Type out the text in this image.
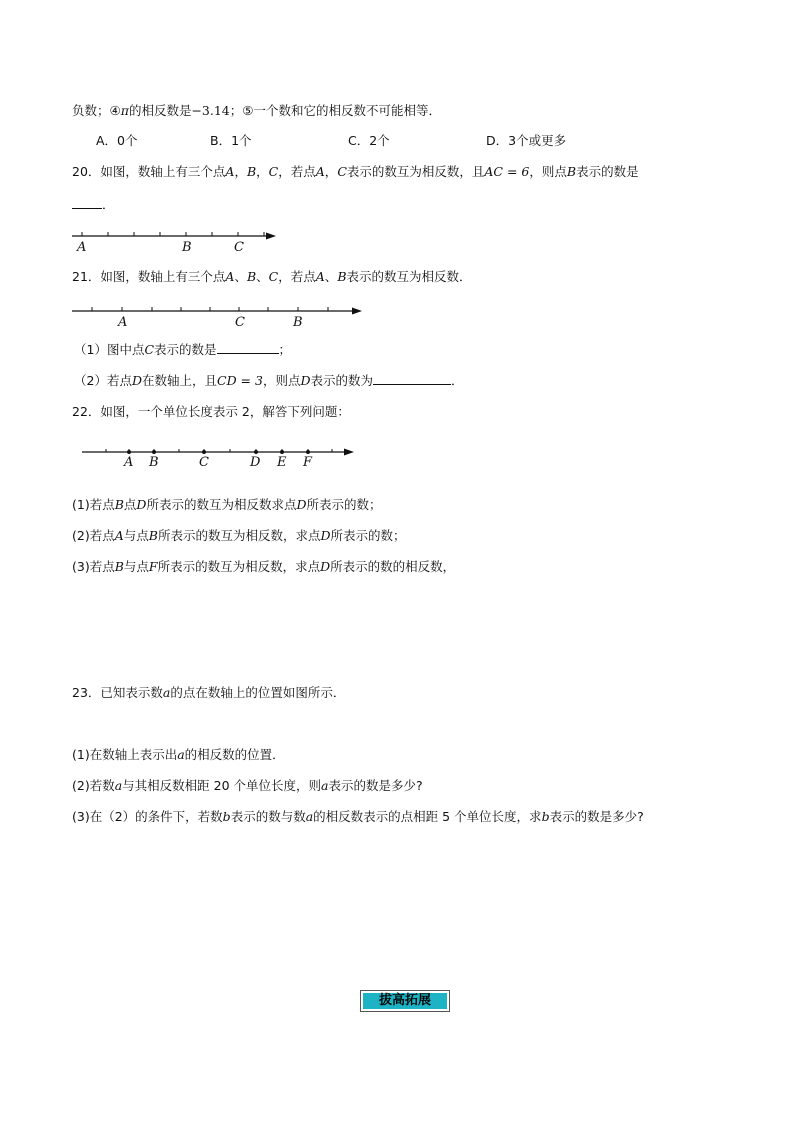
负数；④π的相反数是−3.14；⑤一个数和它的相反数不可能相等．
A．0个	B．1个	C．2个	D．3个或更多
20．如图，数轴上有三个点A，B，C，若点A，C表示的数互为相反数，且AC = 6，则点B表示的数是
．
A	B	C
21．如图，数轴上有三个点A、B、C，若点A、B表示的数互为相反数．
A	C	B
（1）图中点C表示的数是	；
（2）若点D在数轴上，且CD = 3，则点D表示的数为	．
22．如图，一个单位长度表示 2，解答下列问题：
A B	C	D E F
(1)若点B点D所表示的数互为相反数求点D所表示的数；
(2)若点A与点B所表示的数互为相反数，求点D所表示的数；
(3)若点B与点F所表示的数互为相反数，求点D所表示的数的相反数，
23．已知表示数a的点在数轴上的位置如图所示．
(1)在数轴上表示出a的相反数的位置．
(2)若数a与其相反数相距 20 个单位长度，则a表示的数是多少?
(3)在（2）的条件下，若数b表示的数与数a的相反数表示的点相距 5 个单位长度，求b表示的数是多少?
拔高拓展
